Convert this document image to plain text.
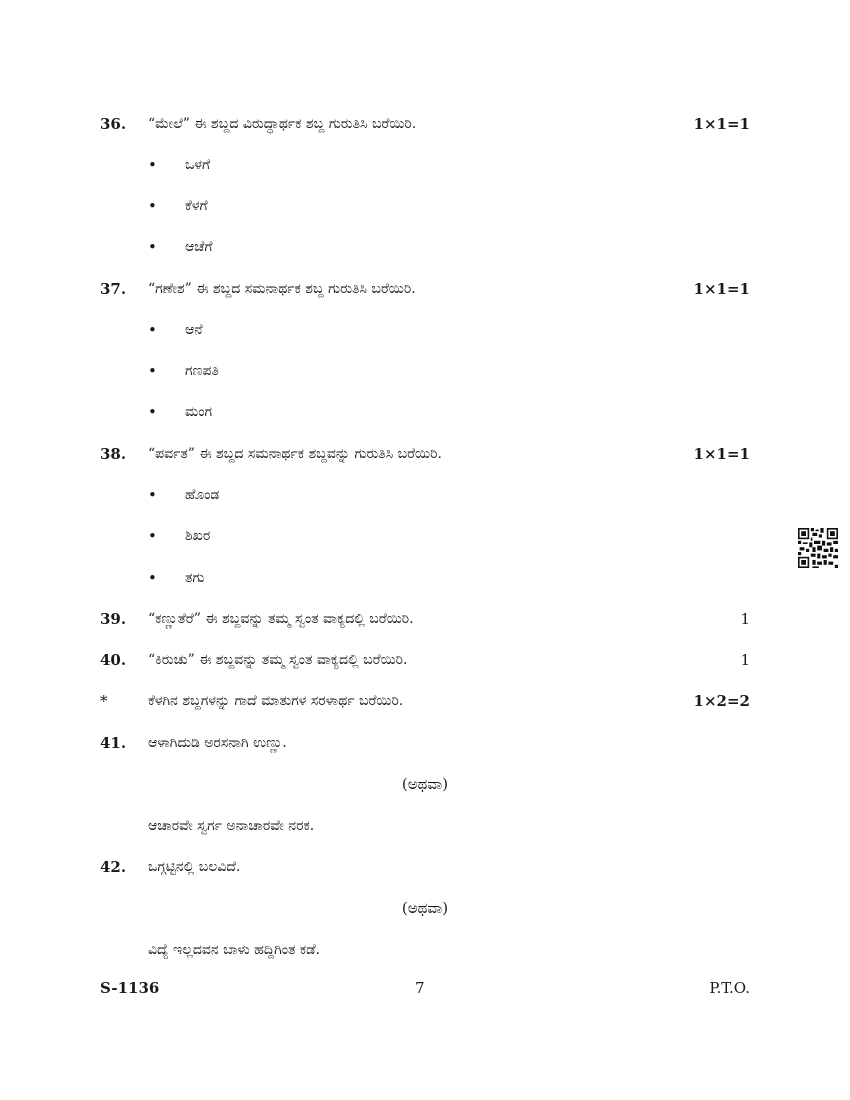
36.	“ಮೇಲೆ” ಈ ಶಬ್ದದ ವಿರುದ್ಧಾರ್ಥಕ ಶಬ್ದ ಗುರುತಿಸಿ ಬರೆಯಿರಿ.	1×1=1
• ಒಳಗೆ
• ಕೆಳಗೆ
• ಆಚೆಗೆ
37.	“ಗಣೇಶ” ಈ ಶಬ್ದದ ಸಮನಾರ್ಥಕ ಶಬ್ದ ಗುರುತಿಸಿ ಬರೆಯಿರಿ.	1×1=1
• ಆನೆ
• ಗಣಪತಿ
• ಮಂಗ
38.	“ಪರ್ವತ” ಈ ಶಬ್ದದ ಸಮನಾರ್ಥಕ ಶಬ್ದವನ್ನು ಗುರುತಿಸಿ ಬರೆಯಿರಿ.	1×1=1
• ಹೊಂಡ
• ಶಿಖರ
• ತಗು
39.	“ಕಣ್ಣುತೆರೆ” ಈ ಶಬ್ದವನ್ನು ತಮ್ಮ ಸ್ವಂತ ವಾಕ್ಯದಲ್ಲಿ ಬರೆಯಿರಿ.	1
40.	“ಕಿರುಚು” ಈ ಶಬ್ದವನ್ನು ತಮ್ಮ ಸ್ವಂತ ವಾಕ್ಯದಲ್ಲಿ ಬರೆಯಿರಿ.	1
*	ಕೆಳಗಿನ ಶಬ್ದಗಳನ್ನು ಗಾದೆ ಮಾತುಗಳ ಸರಳಾರ್ಥ ಬರೆಯಿರಿ.	1×2=2
41.	ಆಳಾಗಿದುಡಿ ಅರಸನಾಗಿ ಉಣ್ಣು.
(ಅಥವಾ)
ಆಚಾರವೇ ಸ್ವರ್ಗ ಅನಾಚಾರವೇ ನರಕ.
42.	ಒಗ್ಗಟ್ಟಿನಲ್ಲಿ ಬಲವಿದೆ.
(ಅಥವಾ)
ವಿದ್ಯೆ ಇಲ್ಲದವನ ಬಾಳು ಹದ್ದಿಗಿಂತ ಕಡೆ.
S-1136	7	P.T.O.
